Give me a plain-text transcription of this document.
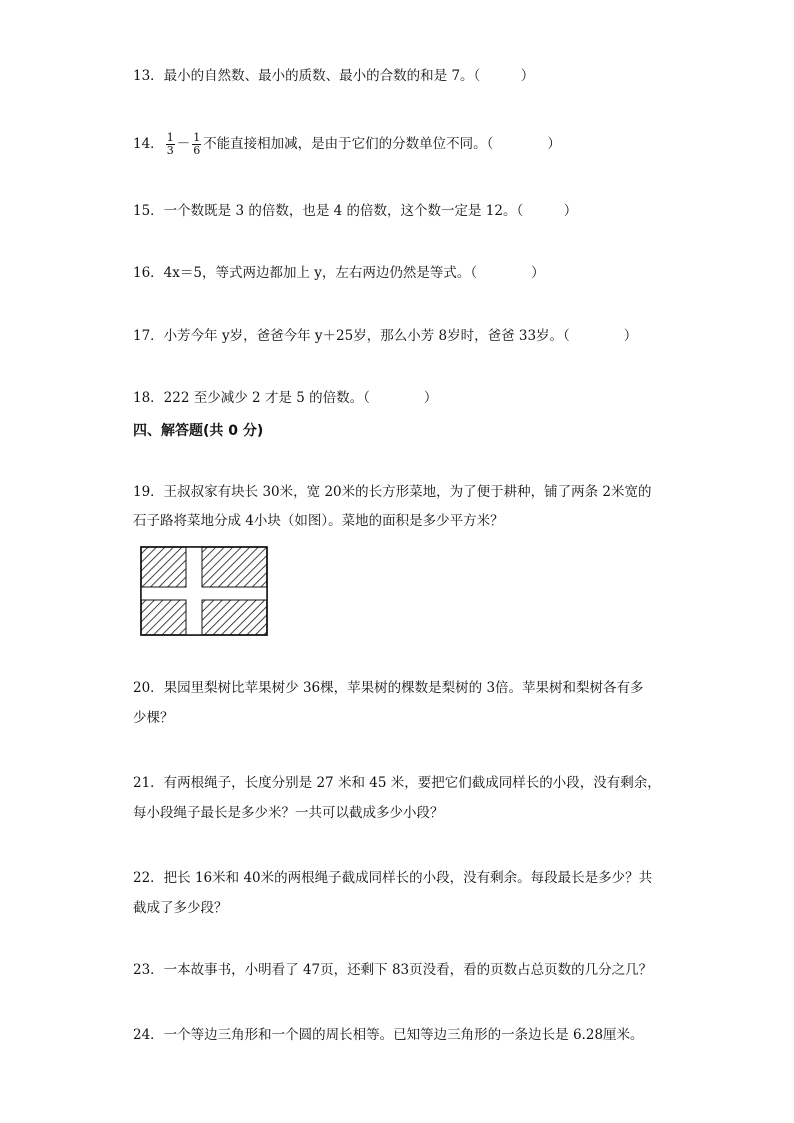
13．最小的自然数、最小的质数、最小的合数的和是 7。（　　　）
14． $\frac{1}{3} - \frac{1}{6}$ 不能直接相加减，是由于它们的分数单位不同。（　　　　）
15．一个数既是 3 的倍数，也是 4 的倍数，这个数一定是 12。（　　　）
16．4x＝5，等式两边都加上 y，左右两边仍然是等式。（　　　　）
17．小芳今年 y岁，爸爸今年 y＋25岁，那么小芳 8岁时，爸爸 33岁。（　　　　）
18．222 至少减少 2 才是 5 的倍数。（　　　　）
四、解答题(共 0 分)
19．王叔叔家有块长 30米，宽 20米的长方形菜地，为了便于耕种，铺了两条 2米宽的
石子路将菜地分成 4小块（如图）。菜地的面积是多少平方米？
20．果园里梨树比苹果树少 36棵，苹果树的棵数是梨树的 3倍。苹果树和梨树各有多
少棵？
21．有两根绳子，长度分别是 27 米和 45 米，要把它们截成同样长的小段，没有剩余，
每小段绳子最长是多少米？一共可以截成多少小段？
22．把长 16米和 40米的两根绳子截成同样长的小段，没有剩余。每段最长是多少？共
截成了多少段？
23．一本故事书，小明看了 47页，还剩下 83页没看，看的页数占总页数的几分之几？
24．一个等边三角形和一个圆的周长相等。已知等边三角形的一条边长是 6.28厘米。
